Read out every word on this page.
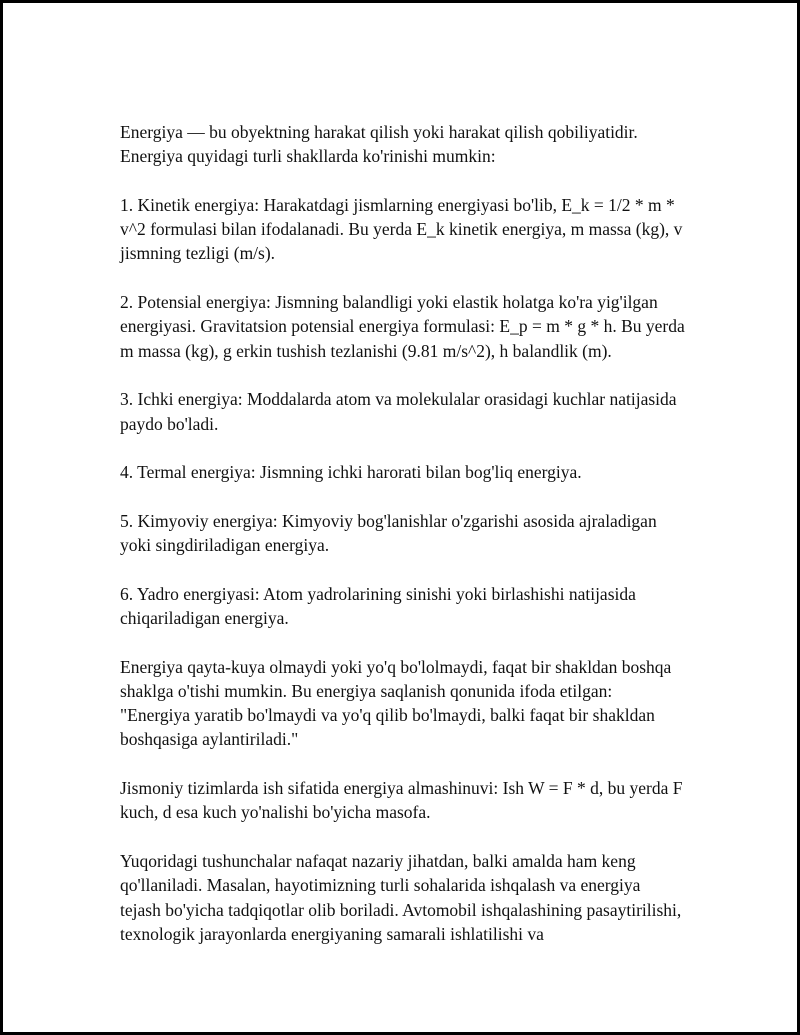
Energiya — bu obyektning harakat qilish yoki harakat qilish qobiliyatidir. Energiya quyidagi turli shakllarda ko'rinishi mumkin:

1. Kinetik energiya: Harakatdagi jismlarning energiyasi bo'lib, E_k = 1/2 * m * v^2 formulasi bilan ifodalanadi. Bu yerda E_k kinetik energiya, m massa (kg), v jismning tezligi (m/s).

2. Potensial energiya: Jismning balandligi yoki elastik holatga ko'ra yig'ilgan energiyasi. Gravitatsion potensial energiya formulasi: E_p = m * g * h. Bu yerda m massa (kg), g erkin tushish tezlanishi (9.81 m/s^2), h balandlik (m).

3. Ichki energiya: Moddalarda atom va molekulalar orasidagi kuchlar natijasida paydo bo'ladi.

4. Termal energiya: Jismning ichki harorati bilan bog'liq energiya.

5. Kimyoviy energiya: Kimyoviy bog'lanishlar o'zgarishi asosida ajraladigan yoki singdiriladigan energiya.

6. Yadro energiyasi: Atom yadrolarining sinishi yoki birlashishi natijasida chiqariladigan energiya.

Energiya qayta-kuya olmaydi yoki yo'q bo'lolmaydi, faqat bir shakldan boshqa shaklga o'tishi mumkin. Bu energiya saqlanish qonunida ifoda etilgan: "Energiya yaratib bo'lmaydi va yo'q qilib bo'lmaydi, balki faqat bir shakldan boshqasiga aylantiriladi."

Jismoniy tizimlarda ish sifatida energiya almashinuvi: Ish W = F * d, bu yerda F kuch, d esa kuch yo'nalishi bo'yicha masofa.

Yuqoridagi tushunchalar nafaqat nazariy jihatdan, balki amalda ham keng qo'llaniladi. Masalan, hayotimizning turli sohalarida ishqalash va energiya tejash bo'yicha tadqiqotlar olib boriladi. Avtomobil ishqalashining pasaytirilishi, texnologik jarayonlarda energiyaning samarali ishlatilishi va
